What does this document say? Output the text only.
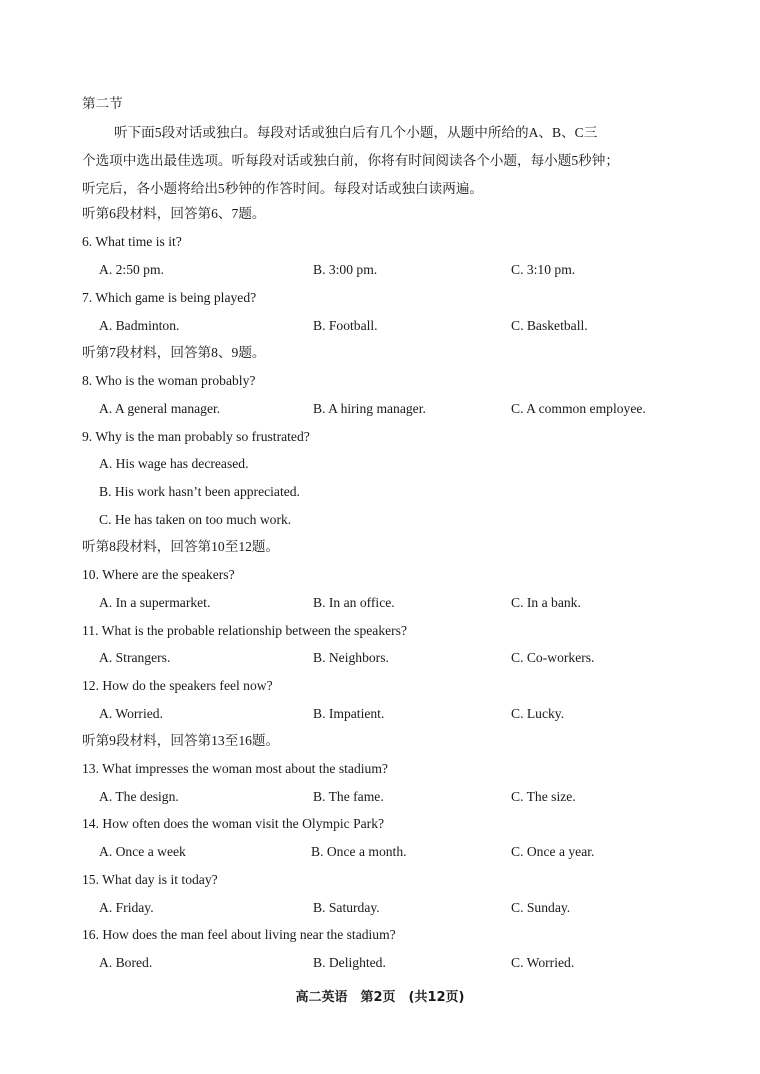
第二节

听下面5段对话或独白。每段对话或独白后有几个小题，从题中所给的A、B、C三

个选项中选出最佳选项。听每段对话或独白前，你将有时间阅读各个小题，每小题5秒钟；

听完后，各小题将给出5秒钟的作答时间。每段对话或独白读两遍。

听第6段材料，回答第6、7题。
6. What time is it?
A. 2:50 pm.	B. 3:00 pm.	C. 3:10 pm.
7. Which game is being played?
A. Badminton.	B. Football.	C. Basketball.
听第7段材料，回答第8、9题。
8. Who is the woman probably?
A. A general manager.	B. A hiring manager.	C. A common employee.
9. Why is the man probably so frustrated?
A. His wage has decreased.
B. His work hasn’t been appreciated.
C. He has taken on too much work.
听第8段材料，回答第10至12题。
10. Where are the speakers?
A. In a supermarket.	B. In an office.	C. In a bank.
11. What is the probable relationship between the speakers?
A. Strangers.	B. Neighbors.	C. Co-workers.
12. How do the speakers feel now?
A. Worried.	B. Impatient.	C. Lucky.
听第9段材料，回答第13至16题。
13. What impresses the woman most about the stadium?
A. The design.	B. The fame.	C. The size.
14. How often does the woman visit the Olympic Park?
A. Once a week	B. Once a month.	C. Once a year.
15. What day is it today?
A. Friday.	B. Saturday.	C. Sunday.
16. How does the man feel about living near the stadium?
A. Bored.	B. Delighted.	C. Worried.
高二英语　第2页　(共12页)
